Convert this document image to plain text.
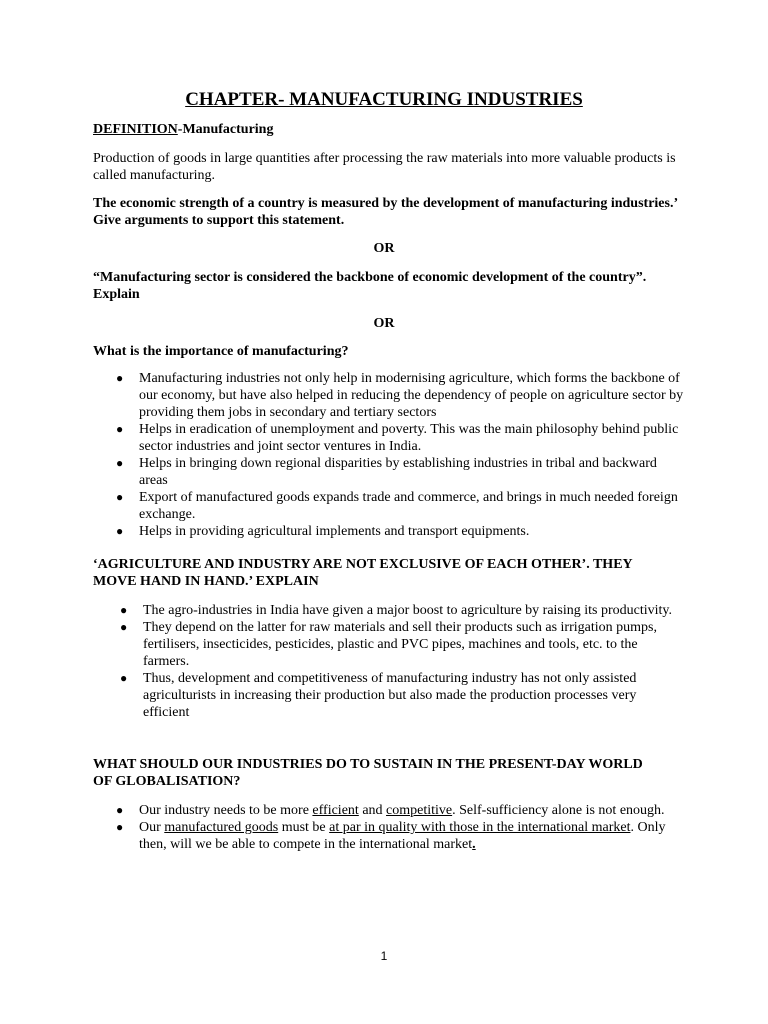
CHAPTER- MANUFACTURING INDUSTRIES
DEFINITION-Manufacturing
Production of goods in large quantities after processing the raw materials into more valuable products is called manufacturing.
The economic strength of a country is measured by the development of manufacturing industries.’ Give arguments to support this statement.
OR
“Manufacturing sector is considered the backbone of economic development of the country”. Explain
OR
What is the importance of manufacturing?
● Manufacturing industries not only help in modernising agriculture, which forms the backbone of our economy, but have also helped in reducing the dependency of people on agriculture sector by providing them jobs in secondary and tertiary sectors
● Helps in eradication of unemployment and poverty. This was the main philosophy behind public sector industries and joint sector ventures in India.
● Helps in bringing down regional disparities by establishing industries in tribal and backward areas
● Export of manufactured goods expands trade and commerce, and brings in much needed foreign exchange.
● Helps in providing agricultural implements and transport equipments.
‘AGRICULTURE AND INDUSTRY ARE NOT EXCLUSIVE OF EACH OTHER’. THEY MOVE HAND IN HAND.’ EXPLAIN
● The agro-industries in India have given a major boost to agriculture by raising its productivity.
● They depend on the latter for raw materials and sell their products such as irrigation pumps, fertilisers, insecticides, pesticides, plastic and PVC pipes, machines and tools, etc. to the farmers.
● Thus, development and competitiveness of manufacturing industry has not only assisted agriculturists in increasing their production but also made the production processes very efficient
WHAT SHOULD OUR INDUSTRIES DO TO SUSTAIN IN THE PRESENT-DAY WORLD OF GLOBALISATION?
● Our industry needs to be more efficient and competitive. Self-sufficiency alone is not enough.
● Our manufactured goods must be at par in quality with those in the international market. Only then, will we be able to compete in the international market.
1
